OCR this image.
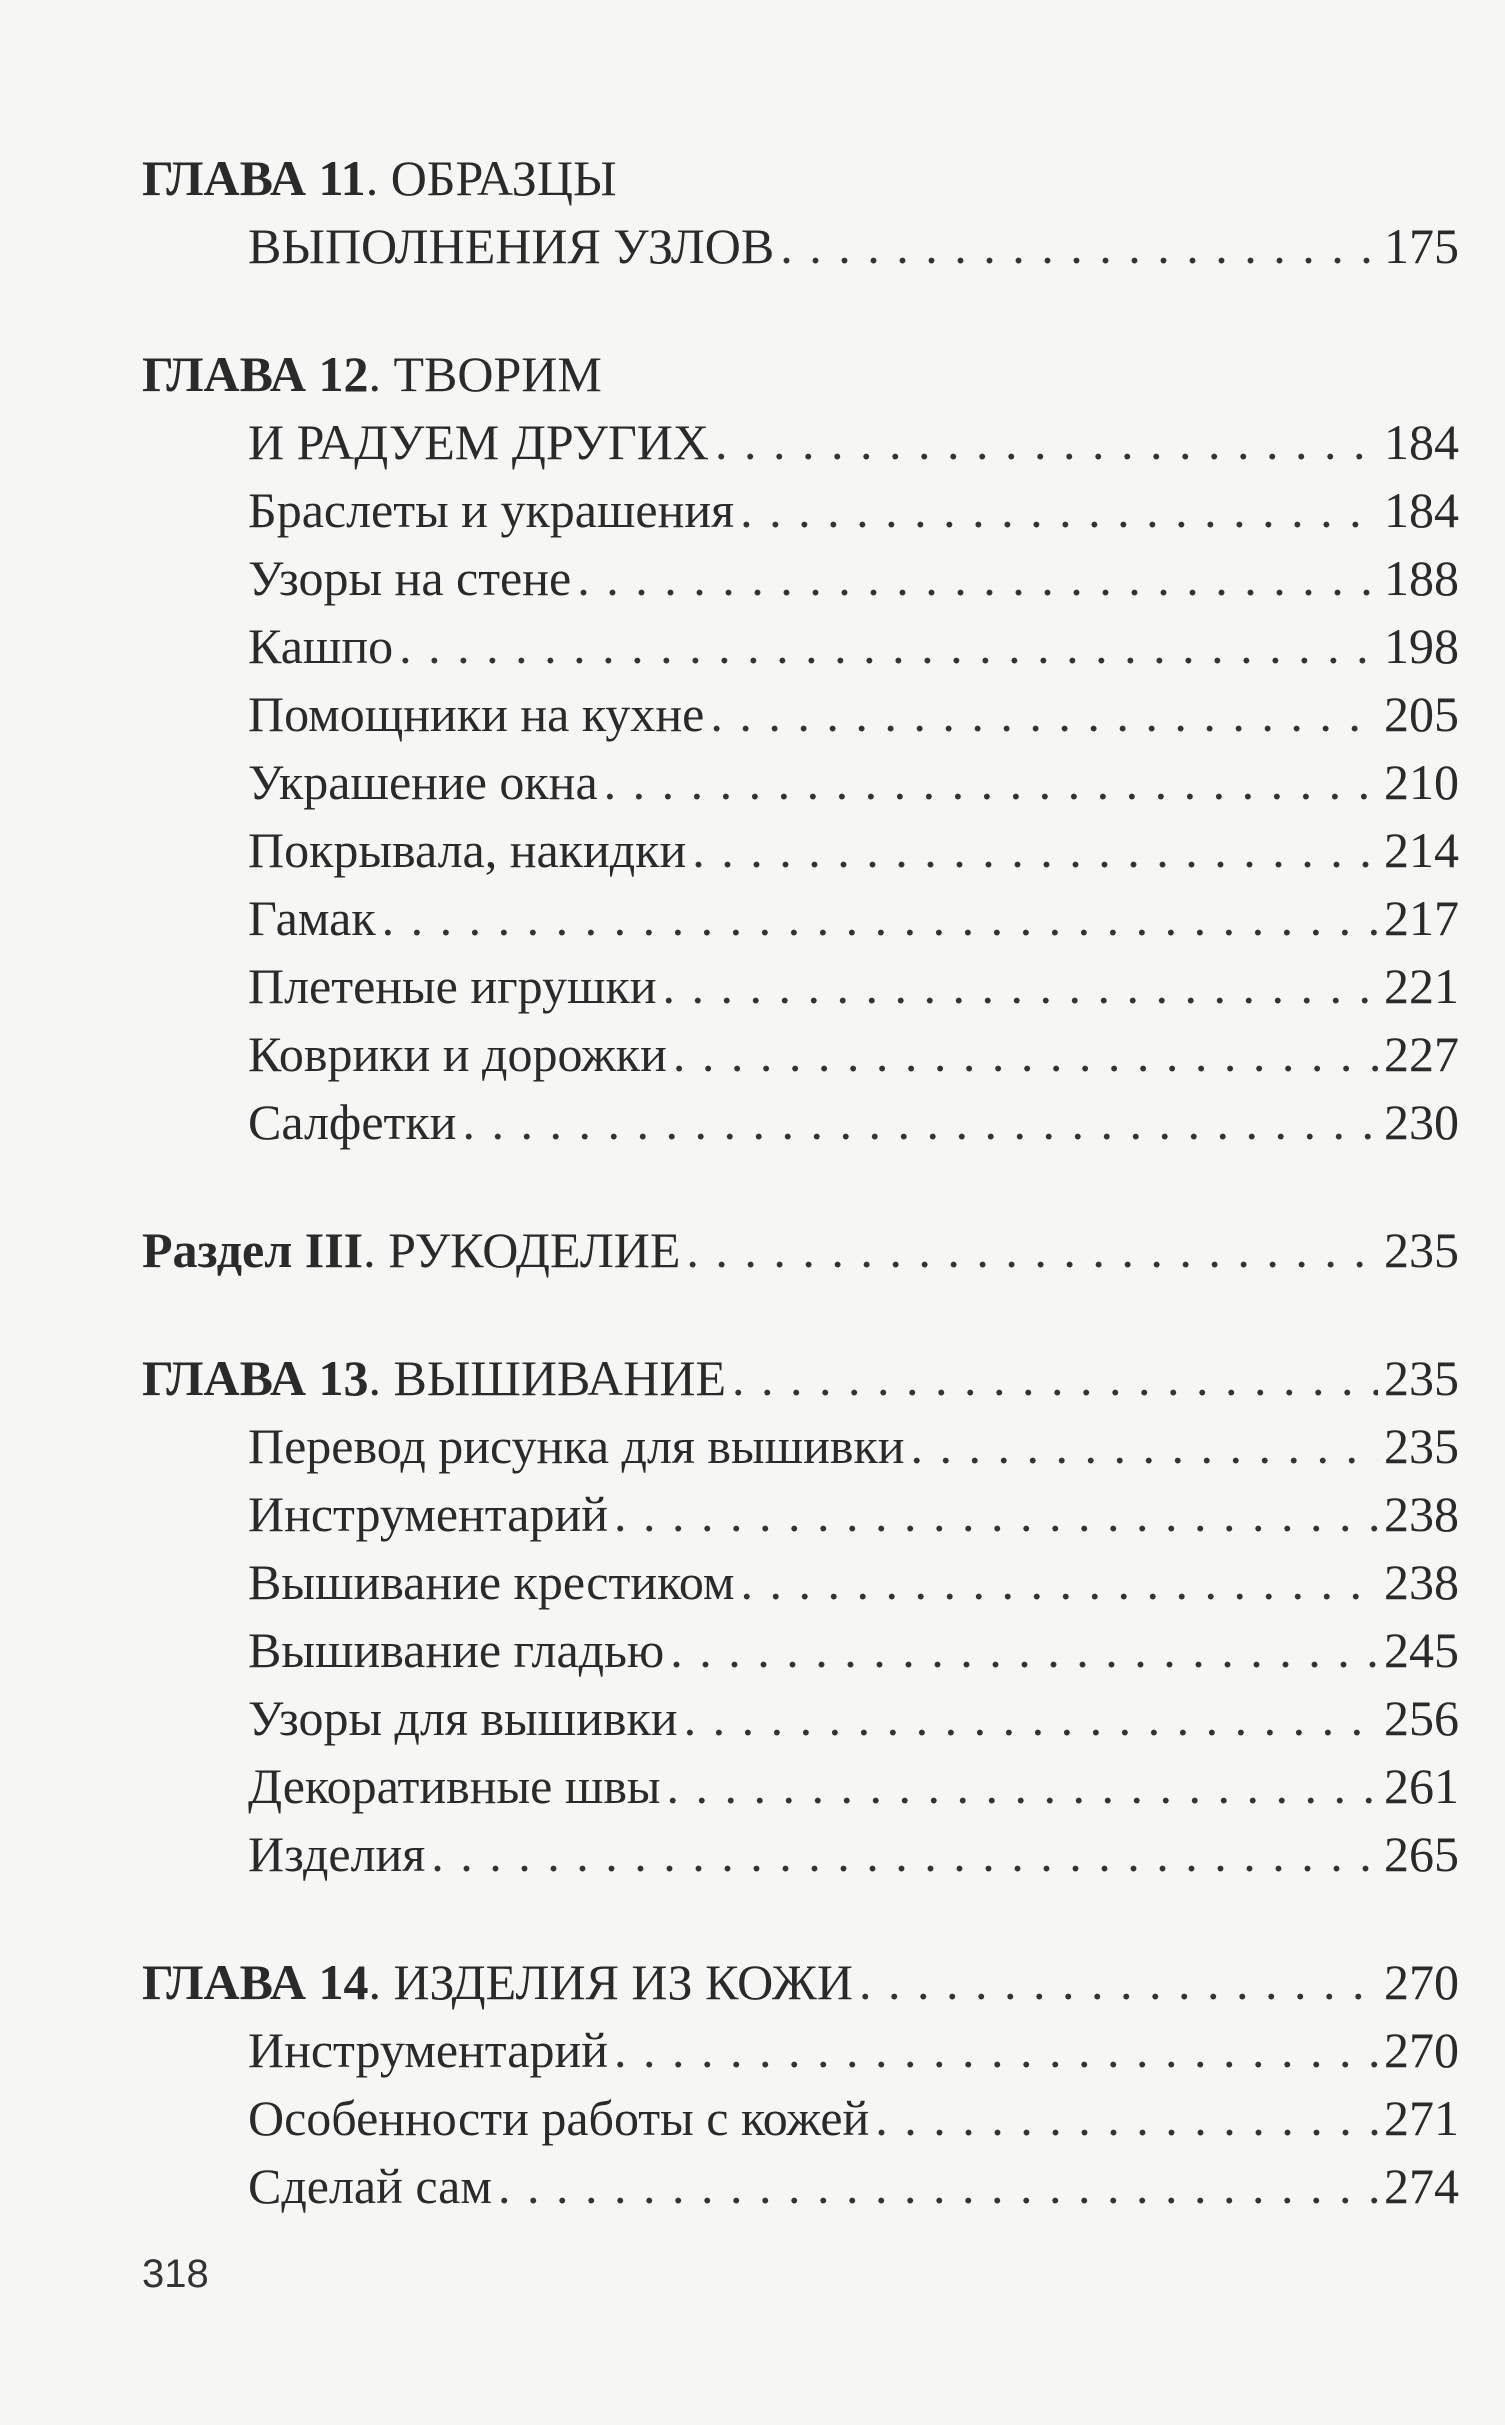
ГЛАВА 11. ОБРАЗЦЫ
ВЫПОЛНЕНИЯ УЗЛОВ . . .	175
ГЛАВА 12. ТВОРИМ
И РАДУЕМ ДРУГИХ . . .	184
Браслеты и украшения . . .	184
Узоры на стене . . .	188
Кашпо . . .	198
Помощники на кухне . . .	205
Украшение окна . . .	210
Покрывала, накидки . . .	214
Гамак . . .	217
Плетеные игрушки . . .	221
Коврики и дорожки . . .	227
Салфетки . . .	230
Раздел III. РУКОДЕЛИЕ . . .	235
ГЛАВА 13. ВЫШИВАНИЕ . . .	235
Перевод рисунка для вышивки . . .	235
Инструментарий . . .	238
Вышивание крестиком . . .	238
Вышивание гладью . . .	245
Узоры для вышивки . . .	256
Декоративные швы . . .	261
Изделия . . .	265
ГЛАВА 14. ИЗДЕЛИЯ ИЗ КОЖИ . . .	270
Инструментарий . . .	270
Особенности работы с кожей . . .	271
Сделай сам . . .	274
318
